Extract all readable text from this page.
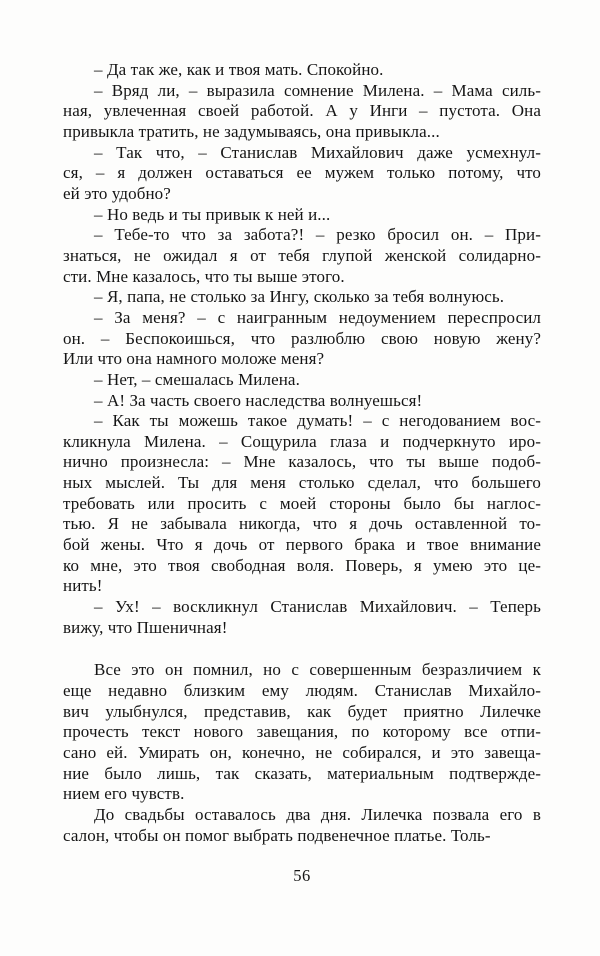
– Да так же, как и твоя мать. Спокойно.

– Вряд ли, – выразила сомнение Милена. – Мама силь-
ная, увлеченная своей работой. А у Инги – пустота. Она
привыкла тратить, не задумываясь, она привыкла...

– Так что, – Станислав Михайлович даже усмехнул-
ся, – я должен оставаться ее мужем только потому, что
ей это удобно?

– Но ведь и ты привык к ней и...

– Тебе-то что за забота?! – резко бросил он. – При-
знаться, не ожидал я от тебя глупой женской солидарно-
сти. Мне казалось, что ты выше этого.

– Я, папа, не столько за Ингу, сколько за тебя волнуюсь.

– За меня? – с наигранным недоумением переспросил
он. – Беспокоишься, что разлюблю свою новую жену?
Или что она намного моложе меня?

– Нет, – смешалась Милена.

– А! За часть своего наследства волнуешься!

– Как ты можешь такое думать! – с негодованием вос-
кликнула Милена. – Сощурила глаза и подчеркнуто иро-
нично произнесла: – Мне казалось, что ты выше подоб-
ных мыслей. Ты для меня столько сделал, что большего
требовать или просить с моей стороны было бы наглос-
тью. Я не забывала никогда, что я дочь оставленной то-
бой жены. Что я дочь от первого брака и твое внимание
ко мне, это твоя свободная воля. Поверь, я умею это це-
нить!

– Ух! – воскликнул Станислав Михайлович. – Теперь
вижу, что Пшеничная!

Все это он помнил, но с совершенным безразличием к
еще недавно близким ему людям. Станислав Михайло-
вич улыбнулся, представив, как будет приятно Лилечке
прочесть текст нового завещания, по которому все отпи-
сано ей. Умирать он, конечно, не собирался, и это завеща-
ние было лишь, так сказать, материальным подтвержде-
нием его чувств.

До свадьбы оставалось два дня. Лилечка позвала его в
салон, чтобы он помог выбрать подвенечное платье. Толь-

56
